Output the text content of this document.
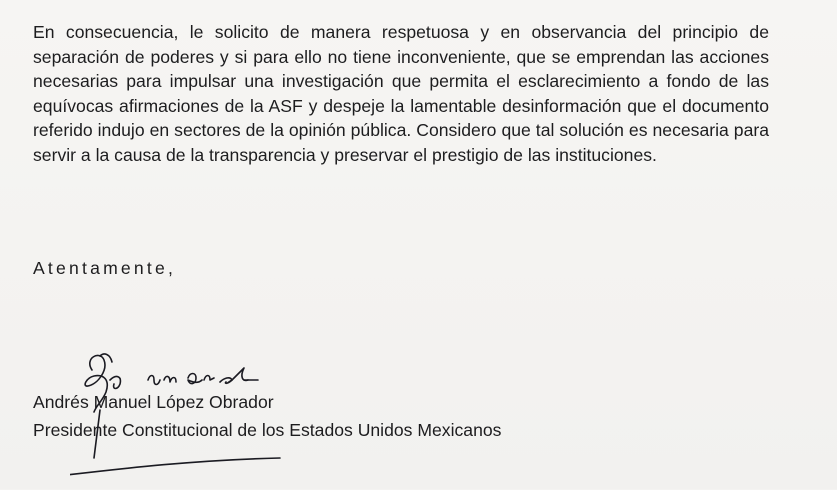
En consecuencia, le solicito de manera respetuosa y en observancia del principio de separación de poderes y si para ello no tiene inconveniente, que se emprendan las acciones necesarias para impulsar una investigación que permita el esclarecimiento a fondo de las equívocas afirmaciones de la ASF y despeje la lamentable desinformación que el documento referido indujo en sectores de la opinión pública. Considero que tal solución es necesaria para servir a la causa de la transparencia y preservar el prestigio de las instituciones.
Atentamente,
Andrés Manuel López Obrador
Presidente Constitucional de los Estados Unidos Mexicanos
